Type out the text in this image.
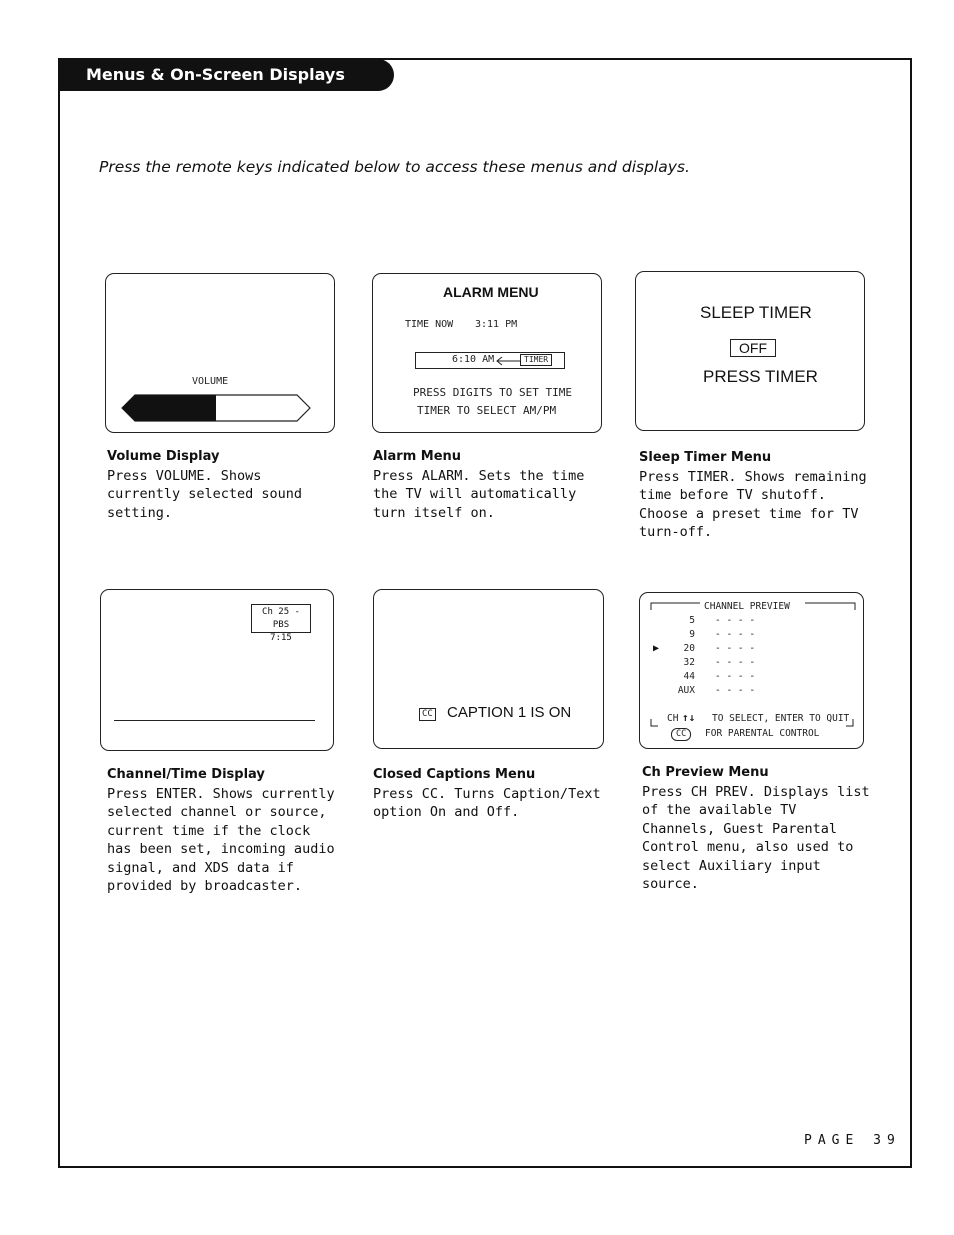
Menus & On-Screen Displays
Press the remote keys indicated below to access these menus and displays.
VOLUME
Volume Display
Press VOLUME. Shows currently selected sound setting.
ALARM MENU
TIME NOW 3:11 PM
6:10 AM	TIMER
PRESS DIGITS TO SET TIME
TIMER TO SELECT AM/PM
Alarm Menu
Press ALARM. Sets the time the TV will automatically turn itself on.
SLEEP TIMER
OFF
PRESS TIMER
Sleep Timer Menu
Press TIMER. Shows remaining time before TV shutoff. Choose a preset time for TV turn-off.
Ch 25 - PBS
7:15
Channel/Time Display
Press ENTER. Shows currently selected channel or source, current time if the clock has been set, incoming audio signal, and XDS data if provided by broadcaster.
CC CAPTION 1 IS ON
Closed Captions Menu
Press CC. Turns Caption/Text option On and Off.
CHANNEL PREVIEW
5 - - - -
9 - - - -
▶	20 - - - -
32 - - - -
44 - - - -
AUX - - - -
CH ↑↓ TO SELECT, ENTER TO QUIT
CC	FOR PARENTAL CONTROL
Ch Preview Menu
Press CH PREV. Displays list of the available TV Channels, Guest Parental Control menu, also used to select Auxiliary input source.
PAGE 39
